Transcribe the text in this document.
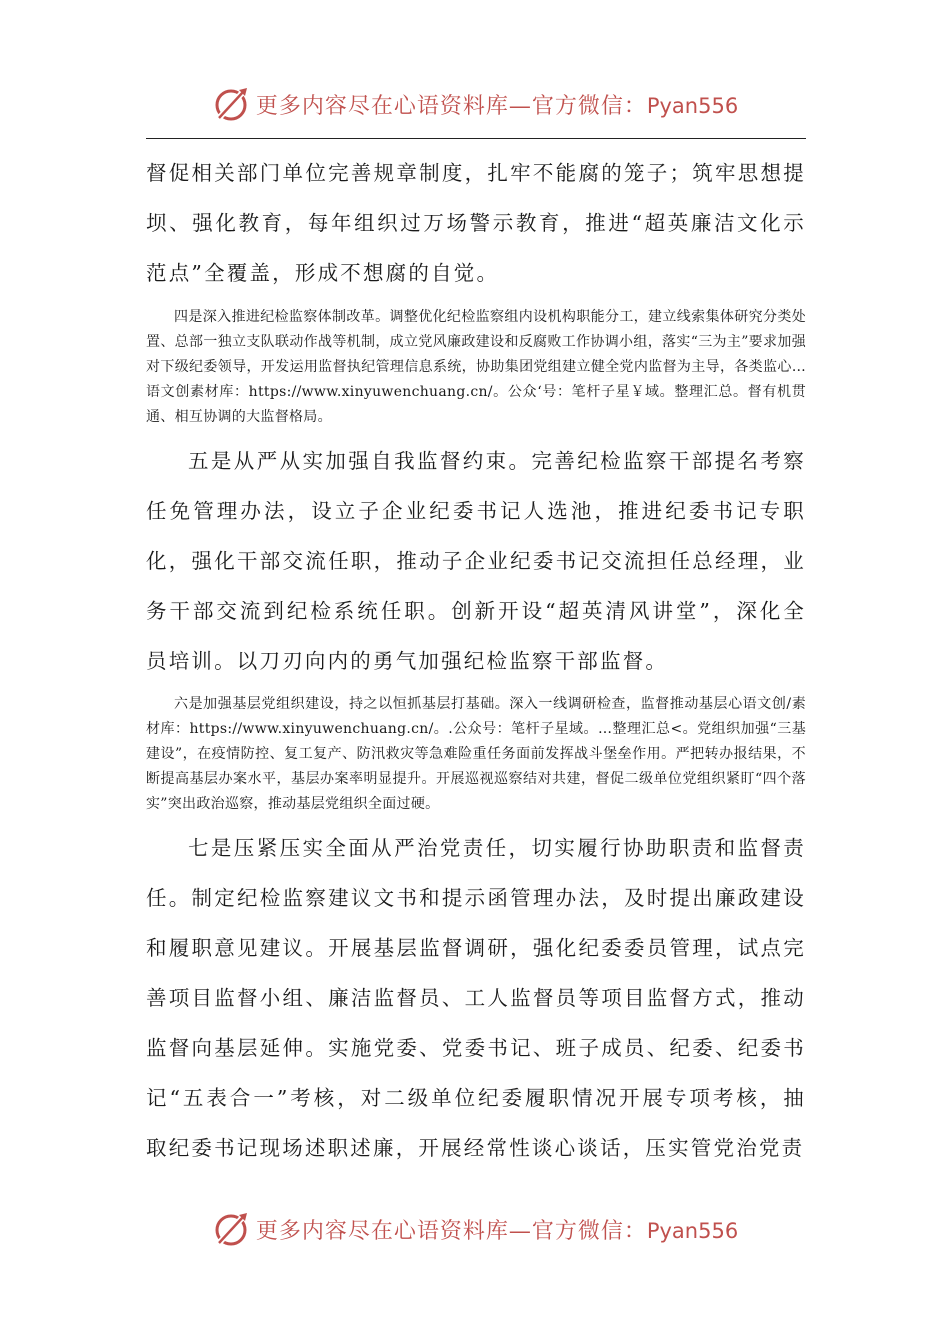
更多内容尽在心语资料库—官方微信：Pyan556

督促相关部门单位完善规章制度，扎牢不能腐的笼子；筑牢思想提坝、强化教育，每年组织过万场警示教育，推进“超英廉洁文化示范点”全覆盖，形成不想腐的自觉。

四是深入推进纪检监察体制改革。调整优化纪检监察组内设机构职能分工，建立线索集体研究分类处置、总部一独立支队联动作战等机制，成立党风廉政建设和反腐败工作协调小组，落实“三为主”要求加强对下级纪委领导，开发运用监督执纪管理信息系统，协助集团党组建立健全党内监督为主导，各类监心…语文创素材库：https://www.xinyuwenchuang.cn/。公众‘号：笔杆子星￥域。整理汇总。督有机贯通、相互协调的大监督格局。

五是从严从实加强自我监督约束。完善纪检监察干部提名考察任免管理办法，设立子企业纪委书记人选池，推进纪委书记专职化，强化干部交流任职，推动子企业纪委书记交流担任总经理，业务干部交流到纪检系统任职。创新开设“超英清风讲堂”，深化全员培训。以刀刃向内的勇气加强纪检监察干部监督。

六是加强基层党组织建设，持之以恒抓基层打基础。深入一线调研检查，监督推动基层心语文创/素材库：https://www.xinyuwenchuang.cn/。.公众号：笔杆子星域。…整理汇总<。党组织加强“三基建设”，在疫情防控、复工复产、防汛救灾等急难险重任务面前发挥战斗堡垒作用。严把转办报结果，不断提高基层办案水平，基层办案率明显提升。开展巡视巡察结对共建，督促二级单位党组织紧盯“四个落实”突出政治巡察，推动基层党组织全面过硬。

七是压紧压实全面从严治党责任，切实履行协助职责和监督责任。制定纪检监察建议文书和提示函管理办法，及时提出廉政建设和履职意见建议。开展基层监督调研，强化纪委委员管理，试点完善项目监督小组、廉洁监督员、工人监督员等项目监督方式，推动监督向基层延伸。实施党委、党委书记、班子成员、纪委、纪委书记“五表合一”考核，对二级单位纪委履职情况开展专项考核，抽取纪委书记现场述职述廉，开展经常性谈心谈话，压实管党治党责

更多内容尽在心语资料库—官方微信：Pyan556
